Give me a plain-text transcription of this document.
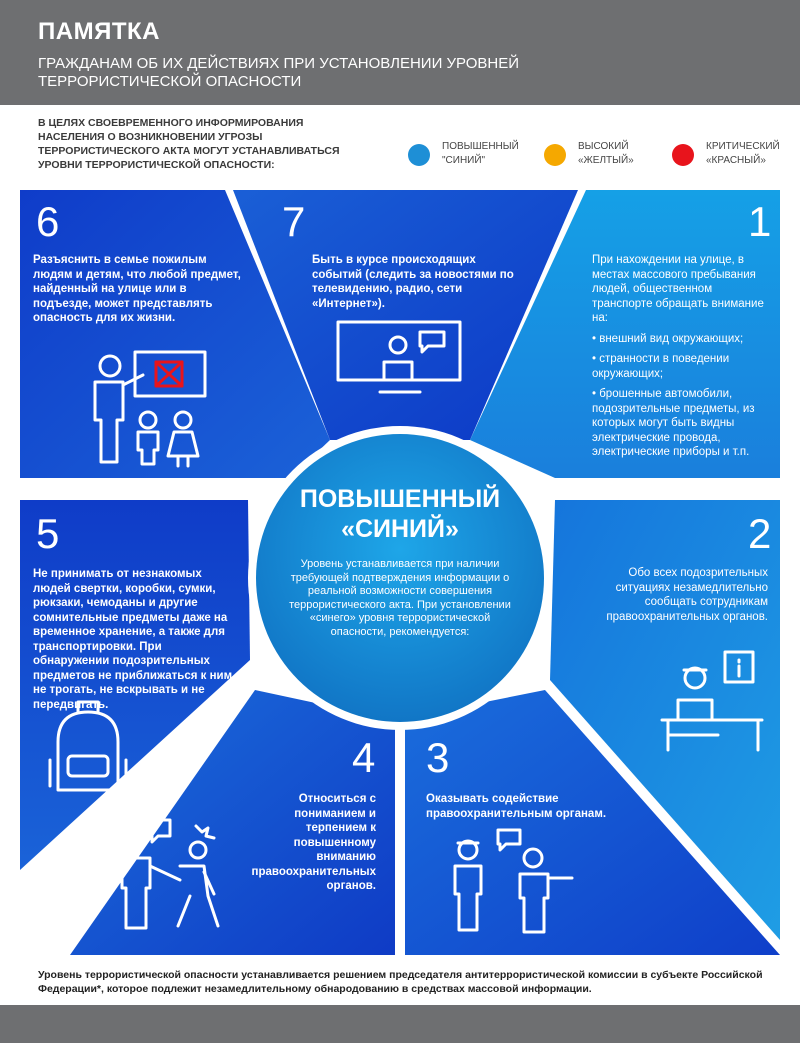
ПАМЯТКА
ГРАЖДАНАМ ОБ ИХ ДЕЙСТВИЯХ ПРИ УСТАНОВЛЕНИИ УРОВНЕЙ ТЕРРОРИСТИЧЕСКОЙ ОПАСНОСТИ
В ЦЕЛЯХ СВОЕВРЕМЕННОГО ИНФОРМИРОВАНИЯ НАСЕЛЕНИЯ О ВОЗНИКНОВЕНИИ УГРОЗЫ ТЕРРОРИСТИЧЕСКОГО АКТА МОГУТ УСТАНАВЛИВАТЬСЯ УРОВНИ ТЕРРОРИСТИЧЕСКОЙ ОПАСНОСТИ:
ПОВЫШЕННЫЙ
"СИНИЙ"
ВЫСОКИЙ
«ЖЕЛТЫЙ»
КРИТИЧЕСКИЙ
«КРАСНЫЙ»
6
Разъяснить в семье пожилым людям и детям, что любой предмет, найденный на улице или в подъезде, может представлять опасность для их жизни.
7
Быть в курсе происходящих событий (следить за новостями по телевидению, радио, сети «Интернет»).
1

При нахождении на улице, в местах массового пребывания людей, общественном транспорте обращать внимание на:

• внешний вид окружающих;

• странности в поведении окружающих;

• брошенные автомобили, подозрительные предметы, из которых могут быть видны электрические провода, электрические приборы и т.п.

2
Обо всех подозрительных ситуациях незамедлительно сообщать сотрудникам правоохранительных органов.
3
Оказывать содействие правоохранительным органам.
4
Относиться с пониманием и терпением к повышенному вниманию правоохранительных органов.
5
Не принимать от незнакомых людей свертки, коробки, сумки, рюкзаки, чемоданы и другие сомнительные предметы даже на временное хранение, а также для транспортировки. При обнаружении подозрительных предметов не приближаться к ним, не трогать, не вскрывать и не передвигать.
ПОВЫШЕННЫЙ
«СИНИЙ»
Уровень устанавливается при наличии требующей подтверждения информации о реальной возможности совершения террористического акта. При установлении «синего» уровня террористической опасности, рекомендуется:
Уровень террористической опасности устанавливается решением председателя антитеррористической комиссии в субъекте Российской Федерации*, которое подлежит незамедлительному обнародованию в средствах массовой информации.
